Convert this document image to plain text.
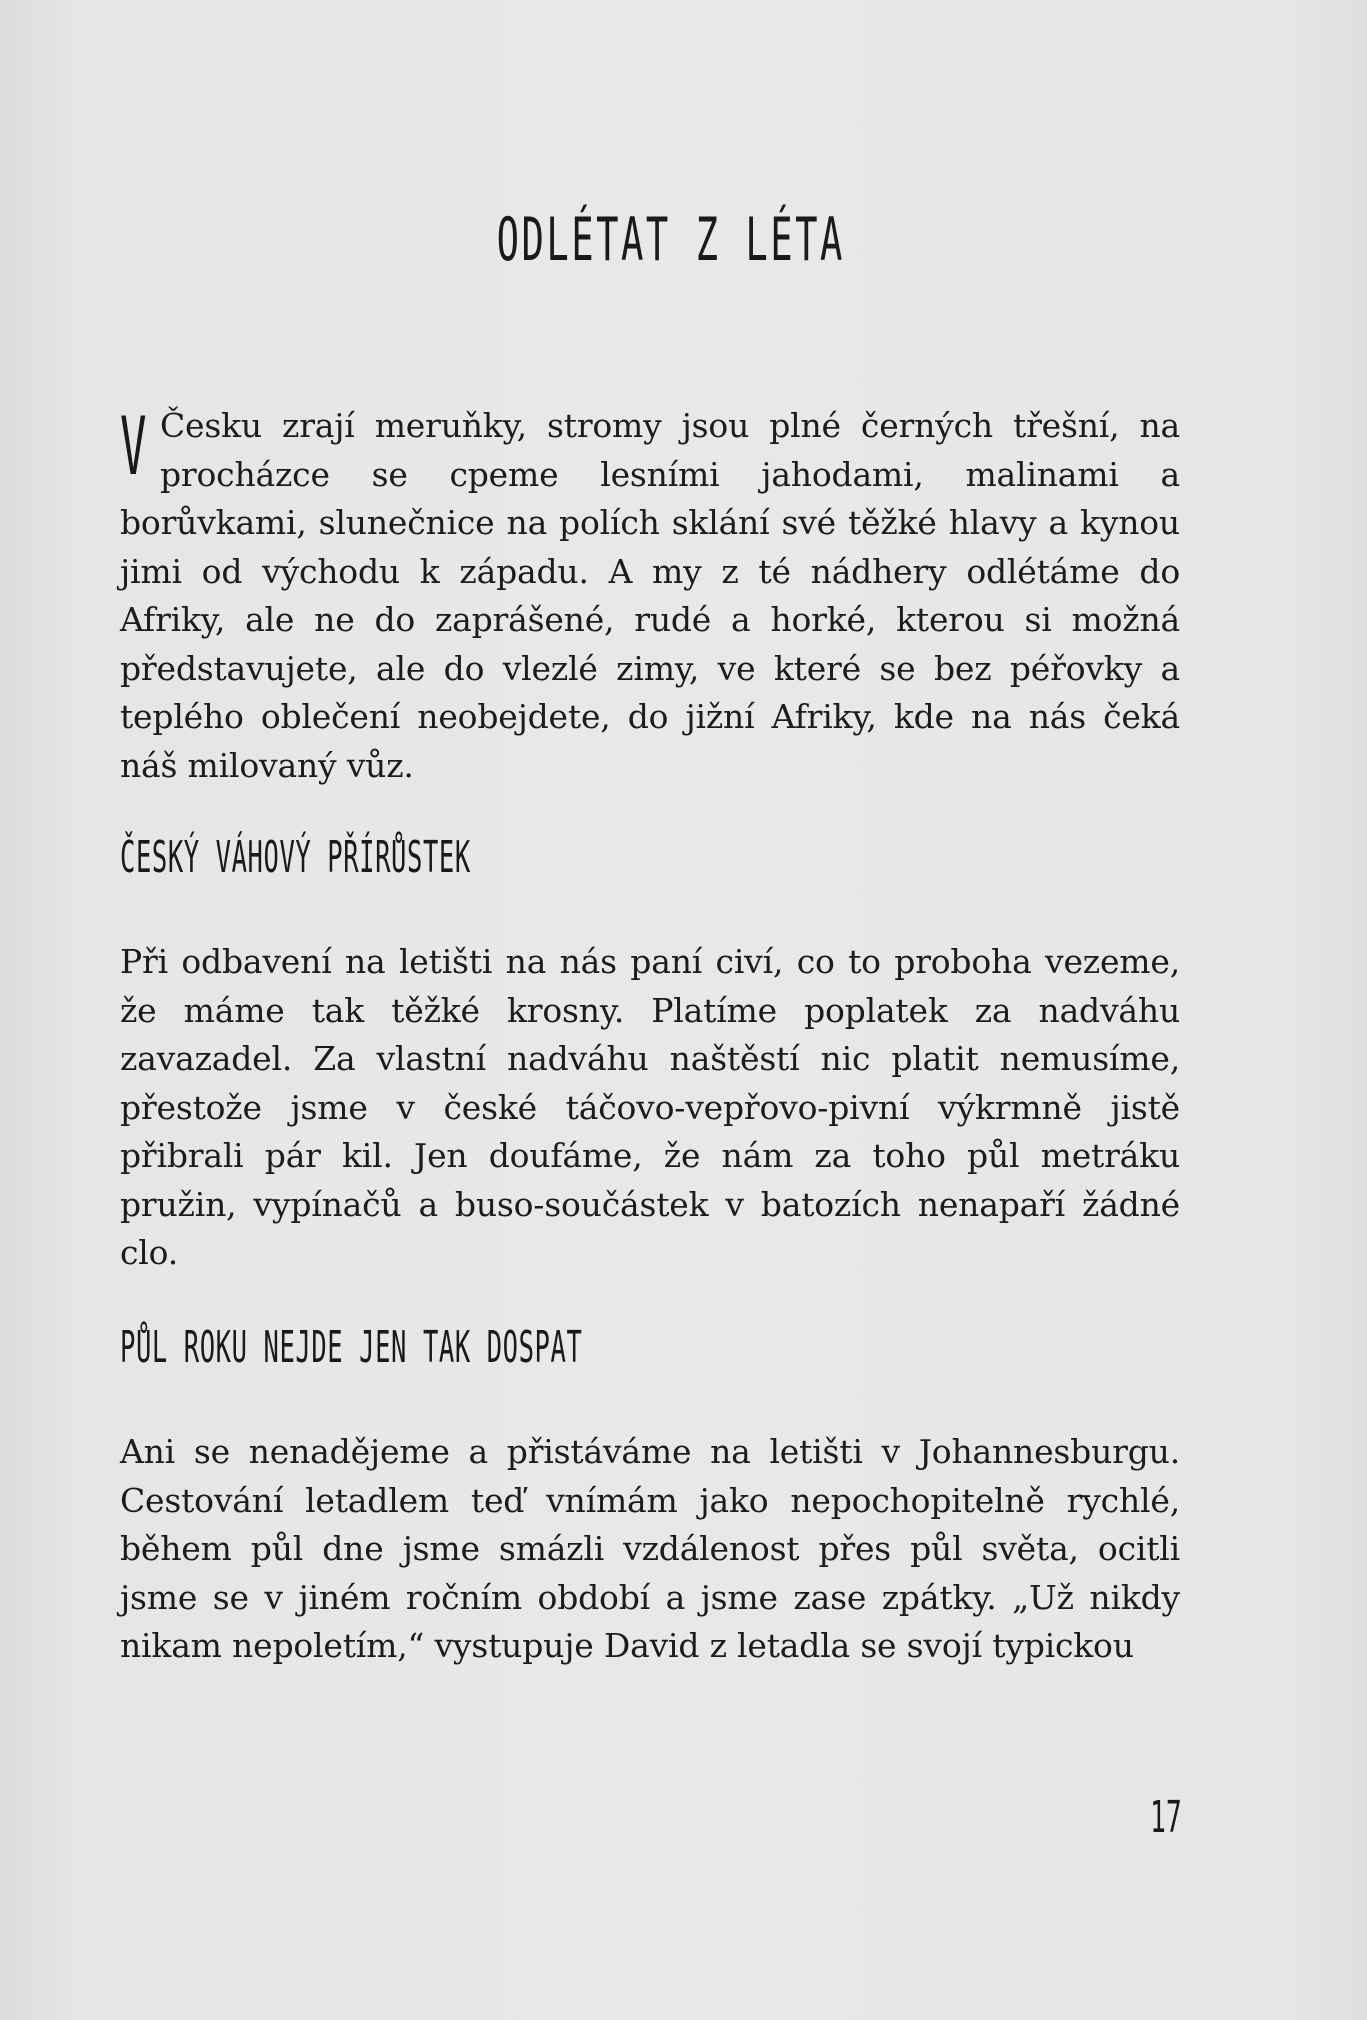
ODLÉTAT Z LÉTA

V Česku zrají meruňky, stromy jsou plné černých třešní, na procházce se cpeme lesními jahodami, malinami a borůvkami, slunečnice na polích sklání své těžké hlavy a kynou jimi od východu k západu. A my z té nádhery odlétáme do Afriky, ale ne do zaprášené, rudé a horké, kterou si možná představujete, ale do vlezlé zimy, ve které se bez péřovky a teplého oblečení neobejdete, do jižní Afriky, kde na nás čeká náš milovaný vůz.

ČESKÝ VÁHOVÝ PŘÍRŮSTEK

Při odbavení na letišti na nás paní civí, co to proboha vezeme, že máme tak těžké krosny. Platíme poplatek za nadváhu zavazadel. Za vlastní nadváhu naštěstí nic platit nemusíme, přestože jsme v české táčovo-vepřovo-pivní výkrmně jistě přibrali pár kil. Jen doufáme, že nám za toho půl metráku pružin, vypínačů a buso-součástek v batozích nenapaří žádné clo.

PŮL ROKU NEJDE JEN TAK DOSPAT

Ani se nenadějeme a přistáváme na letišti v Johannesburgu. Cestování letadlem teď vnímám jako nepochopitelně rychlé, během půl dne jsme smázli vzdálenost přes půl světa, ocitli jsme se v jiném ročním období a jsme zase zpátky. „Už nikdy nikam nepoletím,“ vystupuje David z letadla se svojí typickou

17
